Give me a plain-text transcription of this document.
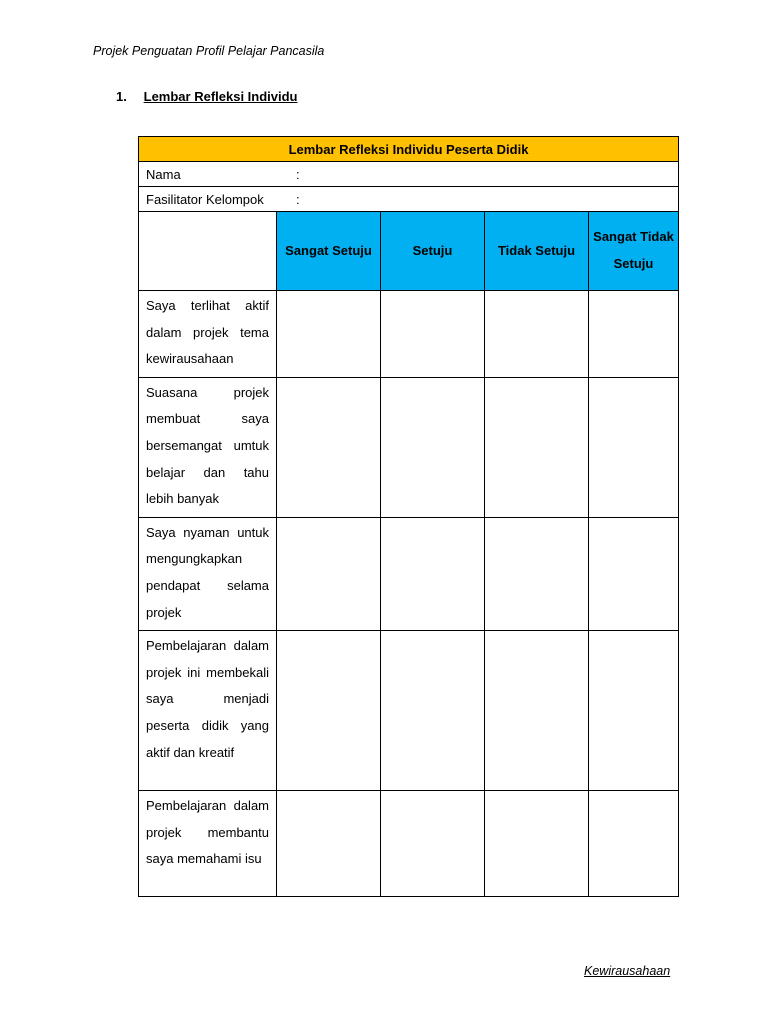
Projek Penguatan Profil Pelajar Pancasila
1. Lembar Refleksi Individu
Lembar Refleksi Individu Peserta Didik				
Nama :				
Fasilitator Kelompok :				
	Sangat Setuju	Setuju	Tidak Setuju	Sangat Tidak Setuju
Saya terlihat aktif dalam projek tema kewirausahaan				
Suasana projek membuat saya bersemangat umtuk belajar dan tahu lebih banyak				
Saya nyaman untuk mengungkapkan pendapat selama projek				
Pembelajaran dalam projek ini membekali saya menjadi peserta didik yang aktif dan kreatif				
Pembelajaran dalam projek membantu saya memahami isu				
Kewirausahaan
